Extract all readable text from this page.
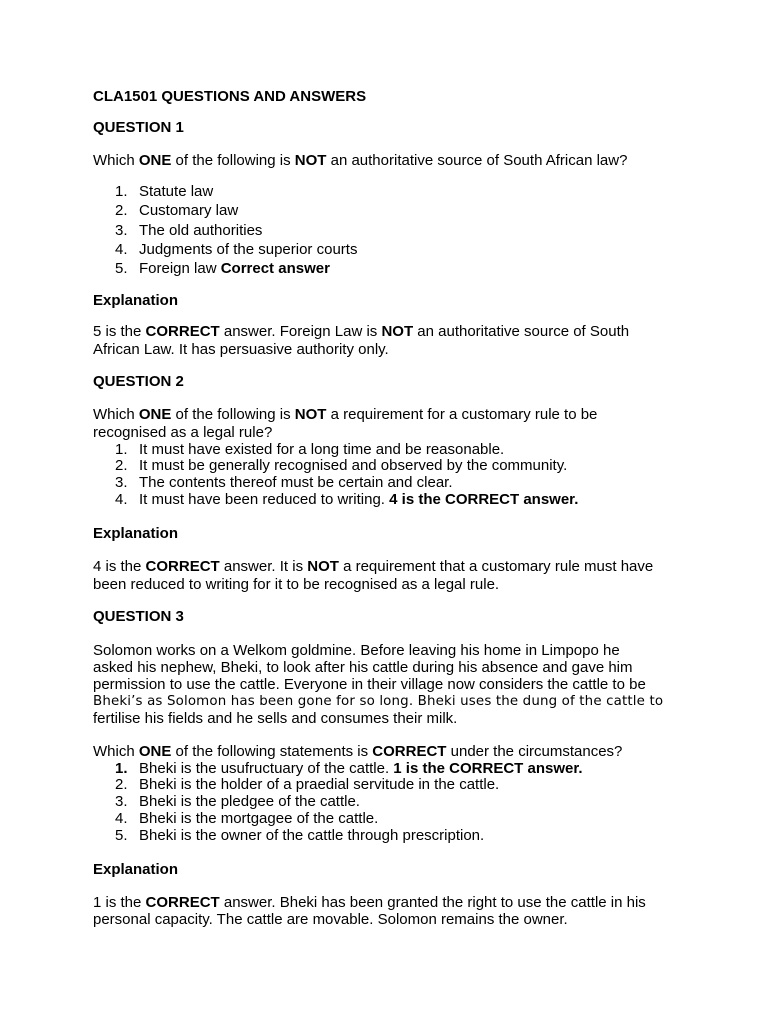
CLA1501 QUESTIONS AND ANSWERS
QUESTION 1
Which ONE of the following is NOT an authoritative source of South African law?
1. Statute law
2. Customary law
3. The old authorities
4. Judgments of the superior courts
5. Foreign law Correct answer
Explanation
5 is the CORRECT answer. Foreign Law is NOT an authoritative source of South
African Law. It has persuasive authority only.
QUESTION 2
Which ONE of the following is NOT a requirement for a customary rule to be
recognised as a legal rule?
1. It must have existed for a long time and be reasonable.
2. It must be generally recognised and observed by the community.
3. The contents thereof must be certain and clear.
4. It must have been reduced to writing. 4 is the CORRECT answer.
Explanation
4 is the CORRECT answer. It is NOT a requirement that a customary rule must have
been reduced to writing for it to be recognised as a legal rule.
QUESTION 3
Solomon works on a Welkom goldmine. Before leaving his home in Limpopo he
asked his nephew, Bheki, to look after his cattle during his absence and gave him
permission to use the cattle. Everyone in their village now considers the cattle to be
Bheki’s as Solomon has been gone for so long. Bheki uses the dung of the cattle to
fertilise his fields and he sells and consumes their milk.
Which ONE of the following statements is CORRECT under the circumstances?
1. Bheki is the usufructuary of the cattle. 1 is the CORRECT answer.
2. Bheki is the holder of a praedial servitude in the cattle.
3. Bheki is the pledgee of the cattle.
4. Bheki is the mortgagee of the cattle.
5. Bheki is the owner of the cattle through prescription.
Explanation
1 is the CORRECT answer. Bheki has been granted the right to use the cattle in his
personal capacity. The cattle are movable. Solomon remains the owner.
